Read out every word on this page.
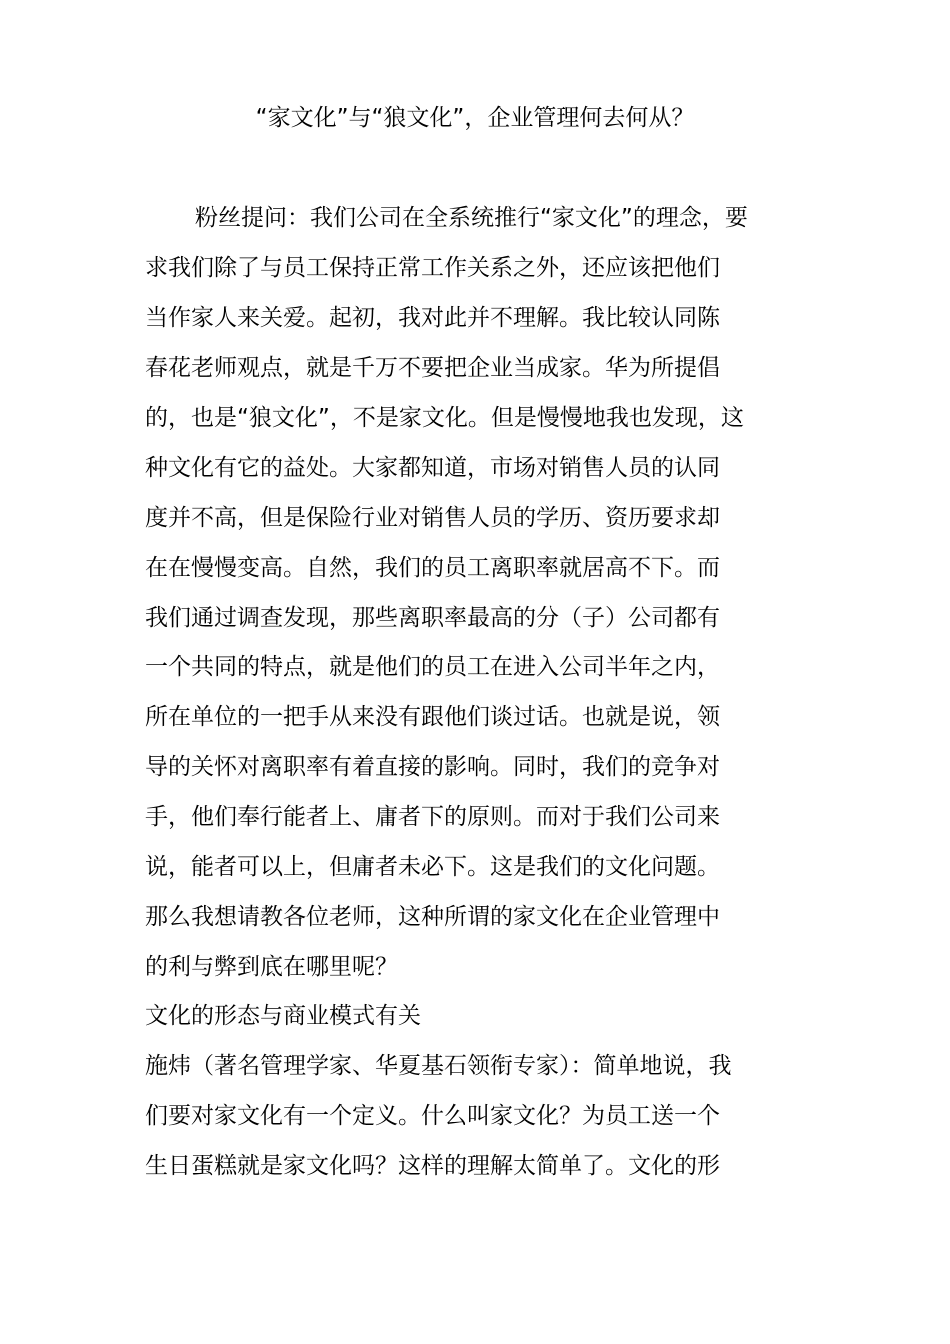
“家文化”与“狼文化”，企业管理何去何从？
粉丝提问：我们公司在全系统推行“家文化”的理念，要
求我们除了与员工保持正常工作关系之外，还应该把他们
当作家人来关爱。起初，我对此并不理解。我比较认同陈
春花老师观点，就是千万不要把企业当成家。华为所提倡
的，也是“狼文化”，不是家文化。但是慢慢地我也发现，这
种文化有它的益处。大家都知道，市场对销售人员的认同
度并不高，但是保险行业对销售人员的学历、资历要求却
在在慢慢变高。自然，我们的员工离职率就居高不下。而
我们通过调查发现，那些离职率最高的分（子）公司都有
一个共同的特点，就是他们的员工在进入公司半年之内，
所在单位的一把手从来没有跟他们谈过话。也就是说，领
导的关怀对离职率有着直接的影响。同时，我们的竞争对
手，他们奉行能者上、庸者下的原则。而对于我们公司来
说，能者可以上，但庸者未必下。这是我们的文化问题。
那么我想请教各位老师，这种所谓的家文化在企业管理中
的利与弊到底在哪里呢？
文化的形态与商业模式有关
施炜（著名管理学家、华夏基石领衔专家）：简单地说，我
们要对家文化有一个定义。什么叫家文化？为员工送一个
生日蛋糕就是家文化吗？这样的理解太简单了。文化的形
